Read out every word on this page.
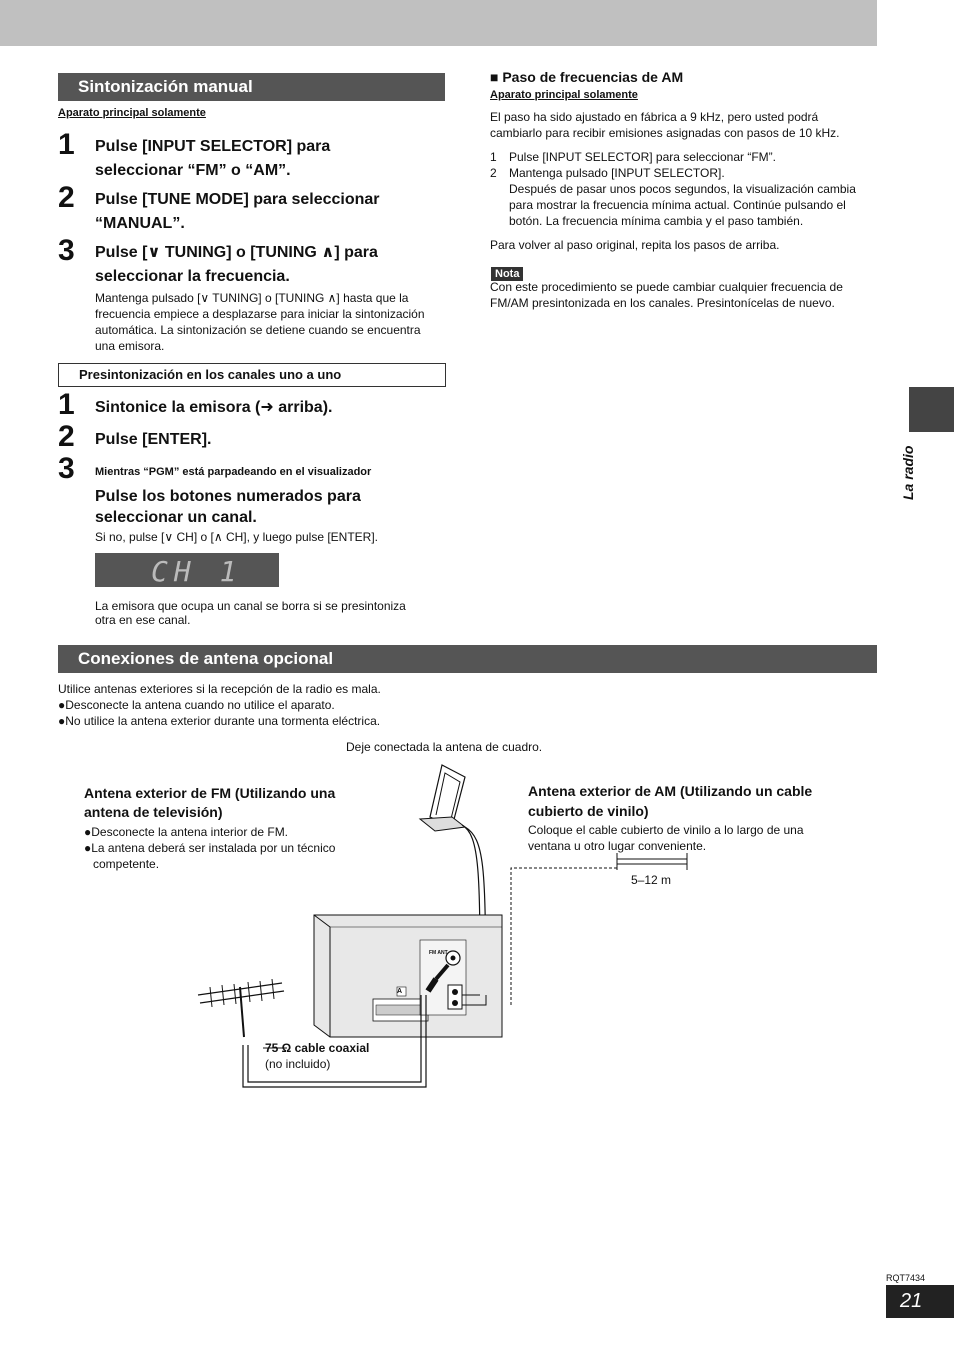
Sintonización manual
Aparato principal solamente
1 Pulse [INPUT SELECTOR] para
seleccionar “FM” o “AM”.
2 Pulse [TUNE MODE] para seleccionar
“MANUAL”.
3 Pulse [∨ TUNING] o [TUNING ∧] para
seleccionar la frecuencia.
Mantenga pulsado [∨ TUNING] o [TUNING ∧] hasta que la
frecuencia empiece a desplazarse para iniciar la sintonización
automática. La sintonización se detiene cuando se encuentra
una emisora.
Presintonización en los canales uno a uno
1 Sintonice la emisora (➜ arriba).
2 Pulse [ENTER].
3 Mientras “PGM” está parpadeando en el visualizador
Pulse los botones numerados para
seleccionar un canal.
Si no, pulse [∨ CH] o [∧ CH], y luego pulse [ENTER].
CH 1
La emisora que ocupa un canal se borra si se presintoniza
otra en ese canal.
■ Paso de frecuencias de AM
Aparato principal solamente
El paso ha sido ajustado en fábrica a 9 kHz, pero usted podrá
cambiarlo para recibir emisiones asignadas con pasos de 10 kHz.
1 Pulse [INPUT SELECTOR] para seleccionar “FM”.
2 Mantenga pulsado [INPUT SELECTOR].
Después de pasar unos pocos segundos, la visualización cambia
para mostrar la frecuencia mínima actual. Continúe pulsando el
botón. La frecuencia mínima cambia y el paso también.
Para volver al paso original, repita los pasos de arriba.
Nota
Con este procedimiento se puede cambiar cualquier frecuencia de
FM/AM presintonizada en los canales. Presintonícelas de nuevo.
La radio
Conexiones de antena opcional
Utilice antenas exteriores si la recepción de la radio es mala.
●Desconecte la antena cuando no utilice el aparato.
●No utilice la antena exterior durante una tormenta eléctrica.
Deje conectada la antena de cuadro.
Antena exterior de FM (Utilizando una
antena de televisión)
●Desconecte la antena interior de FM.
●La antena deberá ser instalada por un técnico
competente.
Antena exterior de AM (Utilizando un cable
cubierto de vinilo)
Coloque el cable cubierto de vinilo a lo largo de una
ventana u otro lugar conveniente.
A
FM ANT
5–12 m
75 Ω cable coaxial
(no incluido)
RQT7434
21
